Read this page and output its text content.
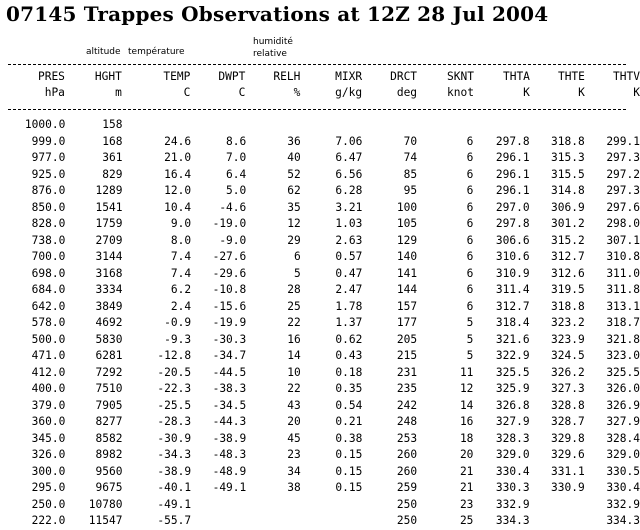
07145 Trappes Observations at 12Z 28 Jul 2004
altitude température
humidité
relative
PRES	HGHT	TEMP	DWPT	RELH	MIXR	DRCT	SKNT	THTA	THTE	THTV
hPa	m	C	C	%	g/kg	deg	knot	K	K	K
1000.0	158									
999.0	168	24.6	8.6	36	7.06	70	6	297.8	318.8	299.1
977.0	361	21.0	7.0	40	6.47	74	6	296.1	315.3	297.3
925.0	829	16.4	6.4	52	6.56	85	6	296.1	315.5	297.2
876.0	1289	12.0	5.0	62	6.28	95	6	296.1	314.8	297.3
850.0	1541	10.4	-4.6	35	3.21	100	6	297.0	306.9	297.6
828.0	1759	9.0	-19.0	12	1.03	105	6	297.8	301.2	298.0
738.0	2709	8.0	-9.0	29	2.63	129	6	306.6	315.2	307.1
700.0	3144	7.4	-27.6	6	0.57	140	6	310.6	312.7	310.8
698.0	3168	7.4	-29.6	5	0.47	141	6	310.9	312.6	311.0
684.0	3334	6.2	-10.8	28	2.47	144	6	311.4	319.5	311.8
642.0	3849	2.4	-15.6	25	1.78	157	6	312.7	318.8	313.1
578.0	4692	-0.9	-19.9	22	1.37	177	5	318.4	323.2	318.7
500.0	5830	-9.3	-30.3	16	0.62	205	5	321.6	323.9	321.8
471.0	6281	-12.8	-34.7	14	0.43	215	5	322.9	324.5	323.0
412.0	7292	-20.5	-44.5	10	0.18	231	11	325.5	326.2	325.5
400.0	7510	-22.3	-38.3	22	0.35	235	12	325.9	327.3	326.0
379.0	7905	-25.5	-34.5	43	0.54	242	14	326.8	328.8	326.9
360.0	8277	-28.3	-44.3	20	0.21	248	16	327.9	328.7	327.9
345.0	8582	-30.9	-38.9	45	0.38	253	18	328.3	329.8	328.4
326.0	8982	-34.3	-48.3	23	0.15	260	20	329.0	329.6	329.0
300.0	9560	-38.9	-48.9	34	0.15	260	21	330.4	331.1	330.5
295.0	9675	-40.1	-49.1	38	0.15	259	21	330.3	330.9	330.4
250.0	10780	-49.1				250	23	332.9		332.9
222.0	11547	-55.7				250	25	334.3		334.3
